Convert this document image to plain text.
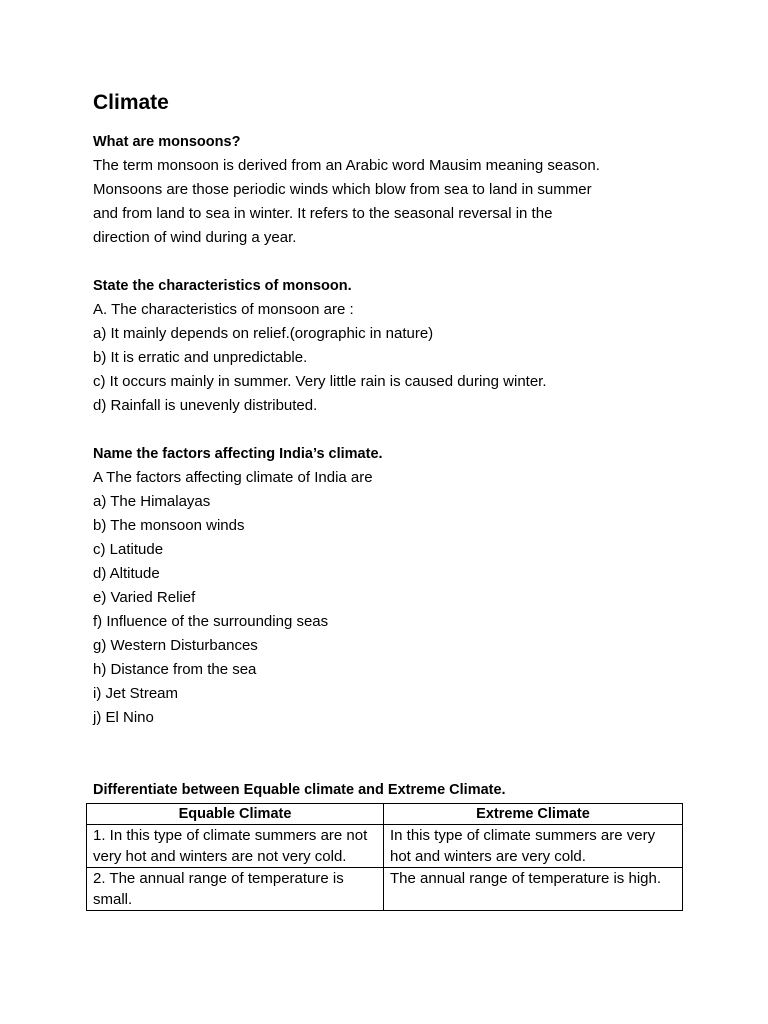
Climate

What are monsoons?

The term monsoon is derived from an Arabic word Mausim meaning season.

Monsoons are those periodic winds which blow from sea to land in summer

and from land to sea in winter. It refers to the seasonal reversal in the

direction of wind during a year.

State the characteristics of monsoon.

A. The characteristics of monsoon are :

a) It mainly depends on relief.(orographic in nature)

b) It is erratic and unpredictable.

c) It occurs mainly in summer. Very little rain is caused during winter.

d) Rainfall is unevenly distributed.

Name the factors affecting India’s climate.

A The factors affecting climate of India are

a) The Himalayas

b) The monsoon winds

c) Latitude

d) Altitude

e) Varied Relief

f) Influence of the surrounding seas

g) Western Disturbances

h) Distance from the sea

i) Jet Stream

j) El Nino

Differentiate between Equable climate and Extreme Climate.

Equable Climate	Extreme Climate
1. In this type of climate summers are not very hot and winters are not very cold.	In this type of climate summers are very hot and winters are very cold.
2. The annual range of temperature is small.	The annual range of temperature is high.
